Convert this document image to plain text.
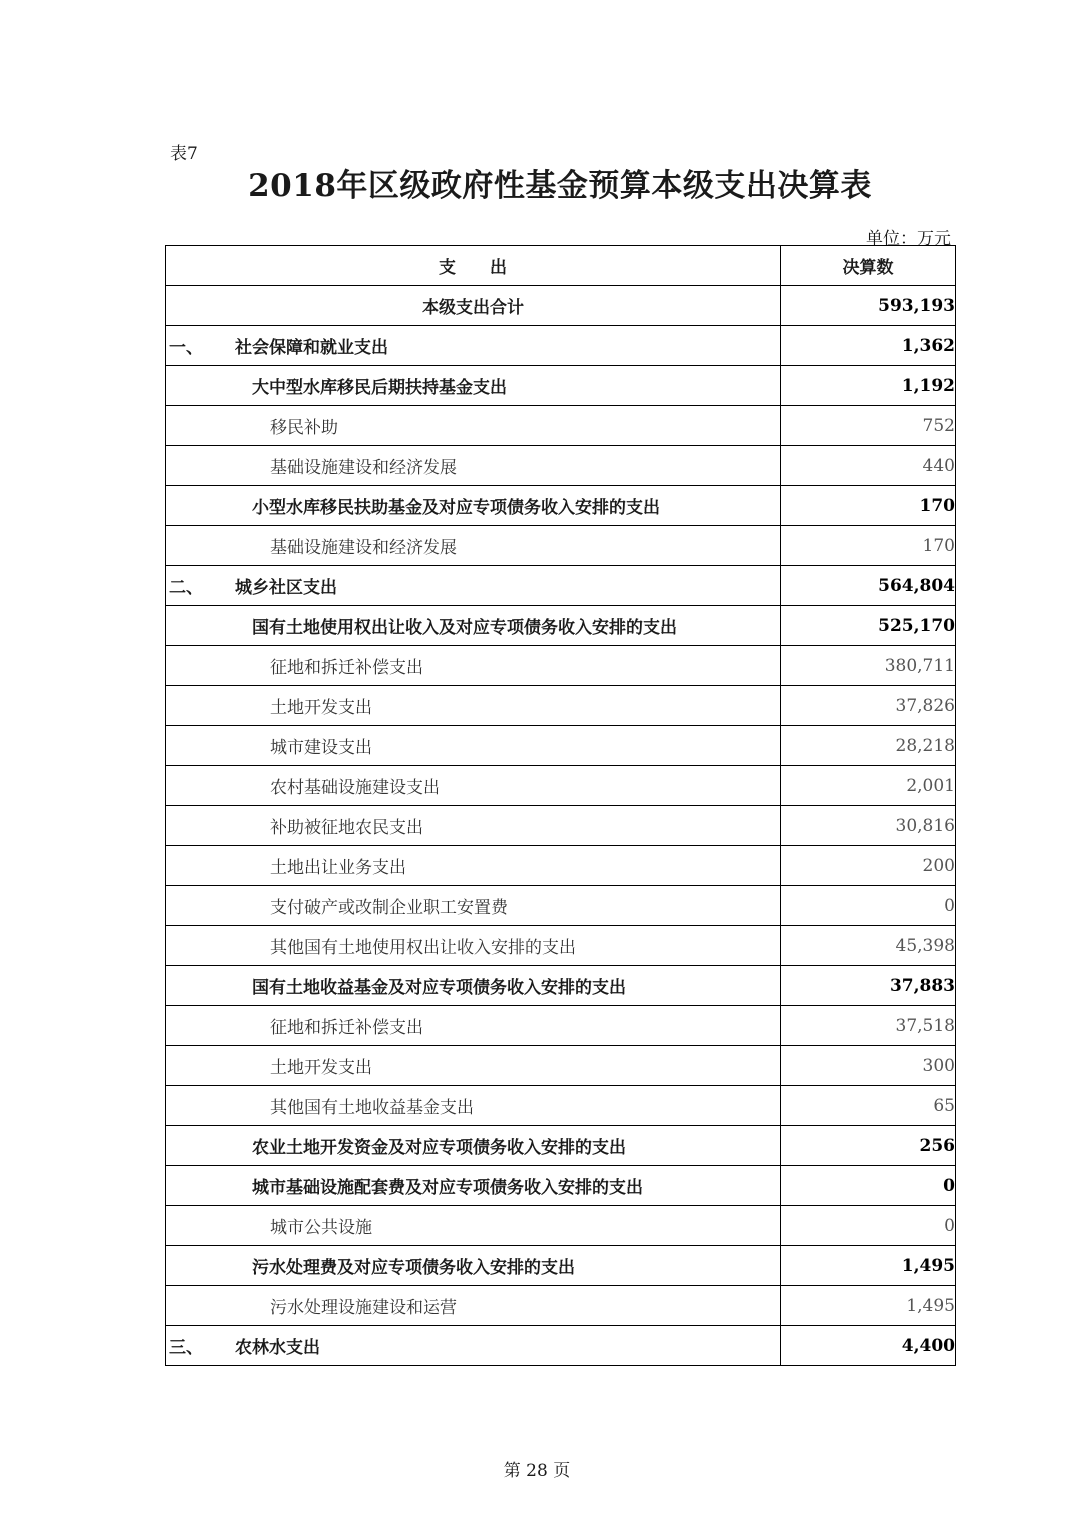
表7
2018年区级政府性基金预算本级支出决算表
单位：万元
支　　出	决算数
本级支出合计	593,193
一、 社会保障和就业支出	1,362
大中型水库移民后期扶持基金支出	1,192
移民补助	752
基础设施建设和经济发展	440
小型水库移民扶助基金及对应专项债务收入安排的支出	170
基础设施建设和经济发展	170
二、 城乡社区支出	564,804
国有土地使用权出让收入及对应专项债务收入安排的支出	525,170
征地和拆迁补偿支出	380,711
土地开发支出	37,826
城市建设支出	28,218
农村基础设施建设支出	2,001
补助被征地农民支出	30,816
土地出让业务支出	200
支付破产或改制企业职工安置费	0
其他国有土地使用权出让收入安排的支出	45,398
国有土地收益基金及对应专项债务收入安排的支出	37,883
征地和拆迁补偿支出	37,518
土地开发支出	300
其他国有土地收益基金支出	65
农业土地开发资金及对应专项债务收入安排的支出	256
城市基础设施配套费及对应专项债务收入安排的支出	0
城市公共设施	0
污水处理费及对应专项债务收入安排的支出	1,495
污水处理设施建设和运营	1,495
三、 农林水支出	4,400
第 28 页
